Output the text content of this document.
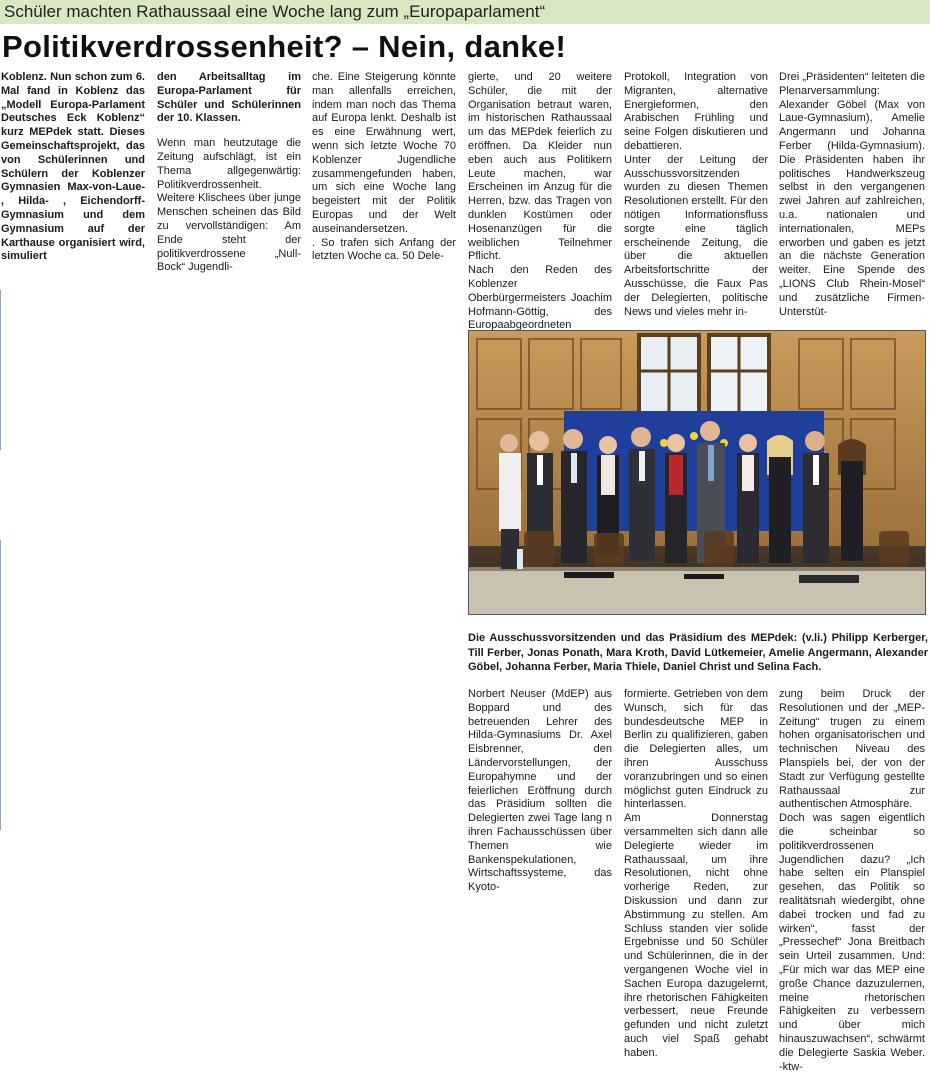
Schüler machten Rathaussaal eine Woche lang zum „Europaparlament“
Politikverdrossenheit? – Nein, danke!

Koblenz. Nun schon zum 6. Mal fand in Koblenz das „Modell Europa-Parlament Deutsches Eck Koblenz“ kurz MEPdek statt. Dieses Gemeinschaftsprojekt, das von Schülerinnen und Schülern der Koblenzer Gymnasien Max-von-Laue- , Hilda- , Eichendorff-Gymnasium und dem Gymnasium auf der Karthause organisiert wird, simuliert

den Arbeitsalltag im Europa-Parlament für Schüler und Schülerinnen der 10. Klassen.

Wenn man heutzutage die Zeitung aufschlägt, ist ein Thema allgegenwärtig: Politikverdrossenheit. Weitere Klischees über junge Menschen scheinen das Bild zu vervollständigen: Am Ende steht der politikverdrossene „Null-Bock“ Jugendli-

che. Eine Steigerung könnte man allenfalls erreichen, indem man noch das Thema auf Europa lenkt. Deshalb ist es eine Erwähnung wert, wenn sich letzte Woche 70 Koblenzer Jugendliche zusammengefunden haben, um sich eine Woche lang begeistert mit der Politik Europas und der Welt auseinandersetzen.

. So trafen sich Anfang der letzten Woche ca. 50 Dele-

gierte, und 20 weitere Schüler, die mit der Organisation betraut waren, im historischen Rathaussaal um das MEPdek feierlich zu eröffnen. Da Kleider nun eben auch aus Politikern Leute machen, war Erscheinen im Anzug für die Herren, bzw. das Tragen von dunklen Kostümen oder Hosenanzügen für die weiblichen Teilnehmer Pflicht.

Nach den Reden des Koblenzer Oberbürgermeisters Joachim Hofmann-Göttig, des Europaabgeordneten

Protokoll, Integration von Migranten, alternative Energieformen, den Arabischen Frühling und seine Folgen diskutieren und debattieren.

Unter der Leitung der Ausschussvorsitzenden wurden zu diesen Themen Resolutionen erstellt. Für den nötigen Informationsfluss sorgte eine täglich erscheinende Zeitung, die über die aktuellen Arbeitsfortschritte der Ausschüsse, die Faux Pas der Delegierten, politische News und vieles mehr in-

Drei „Präsidenten“ leiteten die Plenarversammlung: Alexander Göbel (Max von Laue-Gymnasium), Amelie Angermann und Johanna Ferber (Hilda-Gymnasium). Die Präsidenten haben ihr politisches Handwerkszeug selbst in den vergangenen zwei Jahren auf zahlreichen, u.a. nationalen und internationalen, MEPs erworben und gaben es jetzt an die nächste Generation weiter. Eine Spende des „LIONS Club Rhein-Mosel“ und zusätzliche Firmen-Unterstüt-

Die Ausschussvorsitzenden und das Präsidium des MEPdek: (v.li.) Philipp Kerberger, Till Ferber, Jonas Ponath, Mara Kroth, David Lütkemeier, Amelie Angermann, Alexander Göbel, Johanna Ferber, Maria Thiele, Daniel Christ und Selina Fach.

Norbert Neuser (MdEP) aus Boppard und des betreuenden Lehrer des Hilda-Gymnasiums Dr. Axel Eisbrenner, den Ländervorstellungen, der Europahymne und der feierlichen Eröffnung durch das Präsidium sollten die Delegierten zwei Tage lang n ihren Fachausschüssen über Themen wie Bankenspekulationen, Wirtschaftssysteme, das Kyoto-

formierte. Getrieben von dem Wunsch, sich für das bundesdeutsche MEP in Berlin zu qualifizieren, gaben die Delegierten alles, um ihren Ausschuss voranzubringen und so einen möglichst guten Eindruck zu hinterlassen.

Am Donnerstag versammelten sich dann alle Delegierte wieder im Rathaussaal, um ihre Resolutionen, nicht ohne vorherige Reden, zur Diskussion und dann zur Abstimmung zu stellen. Am Schluss standen vier solide Ergebnisse und 50 Schüler und Schülerinnen, die in der vergangenen Woche viel in Sachen Europa dazugelernt, ihre rhetorischen Fähigkeiten verbessert, neue Freunde gefunden und nicht zuletzt auch viel Spaß gehabt haben.

zung beim Druck der Resolutionen und der „MEP-Zeitung“ trugen zu einem hohen organisatorischen und technischen Niveau des Planspiels bei, der von der Stadt zur Verfügung gestellte Rathaussaal zur authentischen Atmosphäre.

Doch was sagen eigentlich die scheinbar so politikverdrossenen Jugendlichen dazu? „Ich habe selten ein Planspiel gesehen, das Politik so realitätsnah wiedergibt, ohne dabei trocken und fad zu wirken“, fasst der „Pressechef“ Jona Breitbach sein Urteil zusammen. Und: „Für mich war das MEP eine große Chance dazuzulernen, meine rhetorischen Fähigkeiten zu verbessern und über mich hinauszuwachsen“, schwärmt die Delegierte Saskia Weber. -ktw-
